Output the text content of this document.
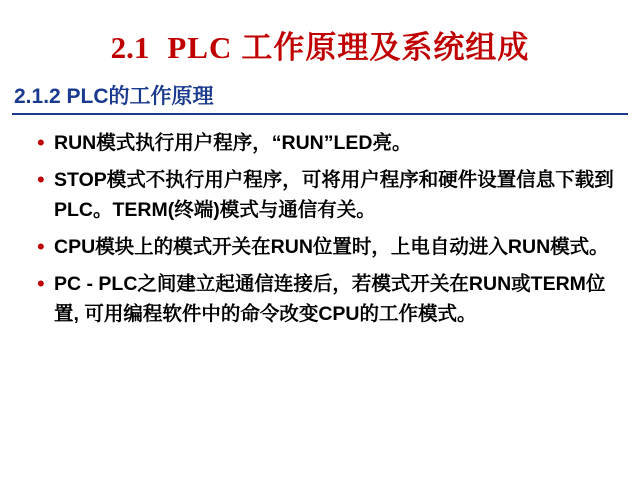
2.1 PLC 工作原理及系统组成
2.1.2 PLC的工作原理
• RUN模式执行用户程序，“RUN”LED亮。
• STOP模式不执行用户程序，可将用户程序和硬件设置信息下载到PLC。TERM(终端)模式与通信有关。
• CPU模块上的模式开关在RUN位置时，上电自动进入RUN模式。
• PC - PLC之间建立起通信连接后，若模式开关在RUN或TERM位置, 可用编程软件中的命令改变CPU的工作模式。
